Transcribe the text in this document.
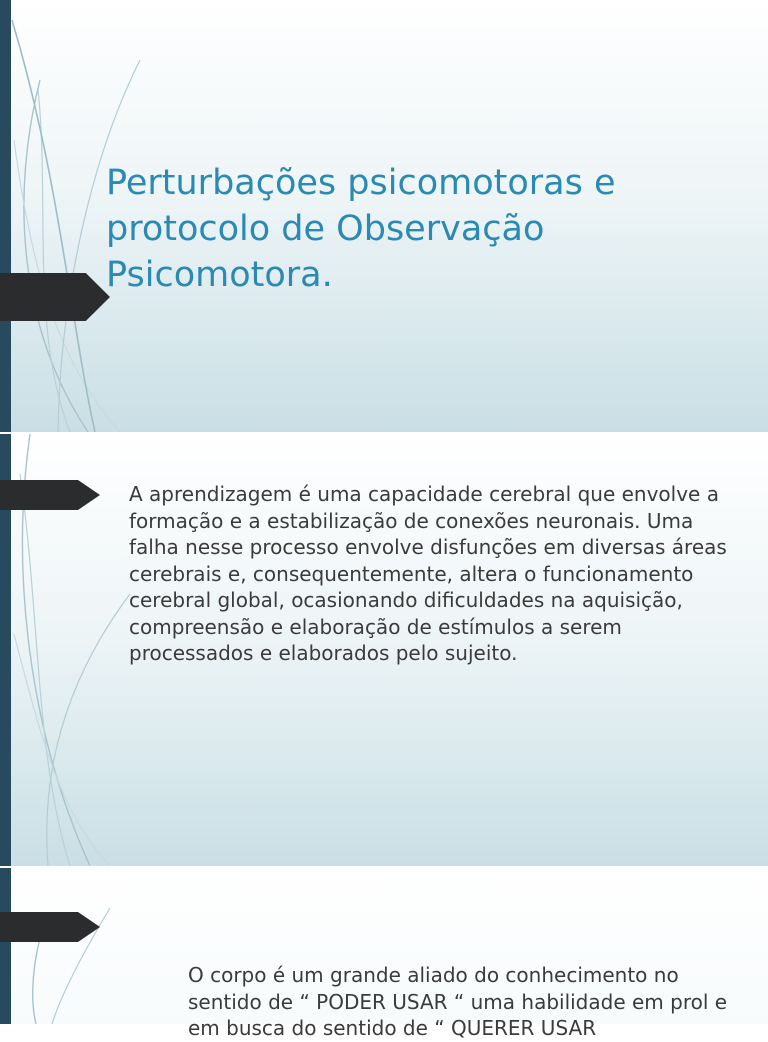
Perturbações psicomotoras e protocolo de Observação Psicomotora.

A aprendizagem é uma capacidade cerebral que envolve a formação e a estabilização de conexões neuronais. Uma falha nesse processo envolve disfunções em diversas áreas cerebrais e, consequentemente, altera o funcionamento cerebral global, ocasionando dificuldades na aquisição, compreensão e elaboração de estímulos a serem processados e elaborados pelo sujeito.

O corpo é um grande aliado do conhecimento no sentido de “ PODER USAR “ uma habilidade em prol e em busca do sentido de “ QUERER USAR
